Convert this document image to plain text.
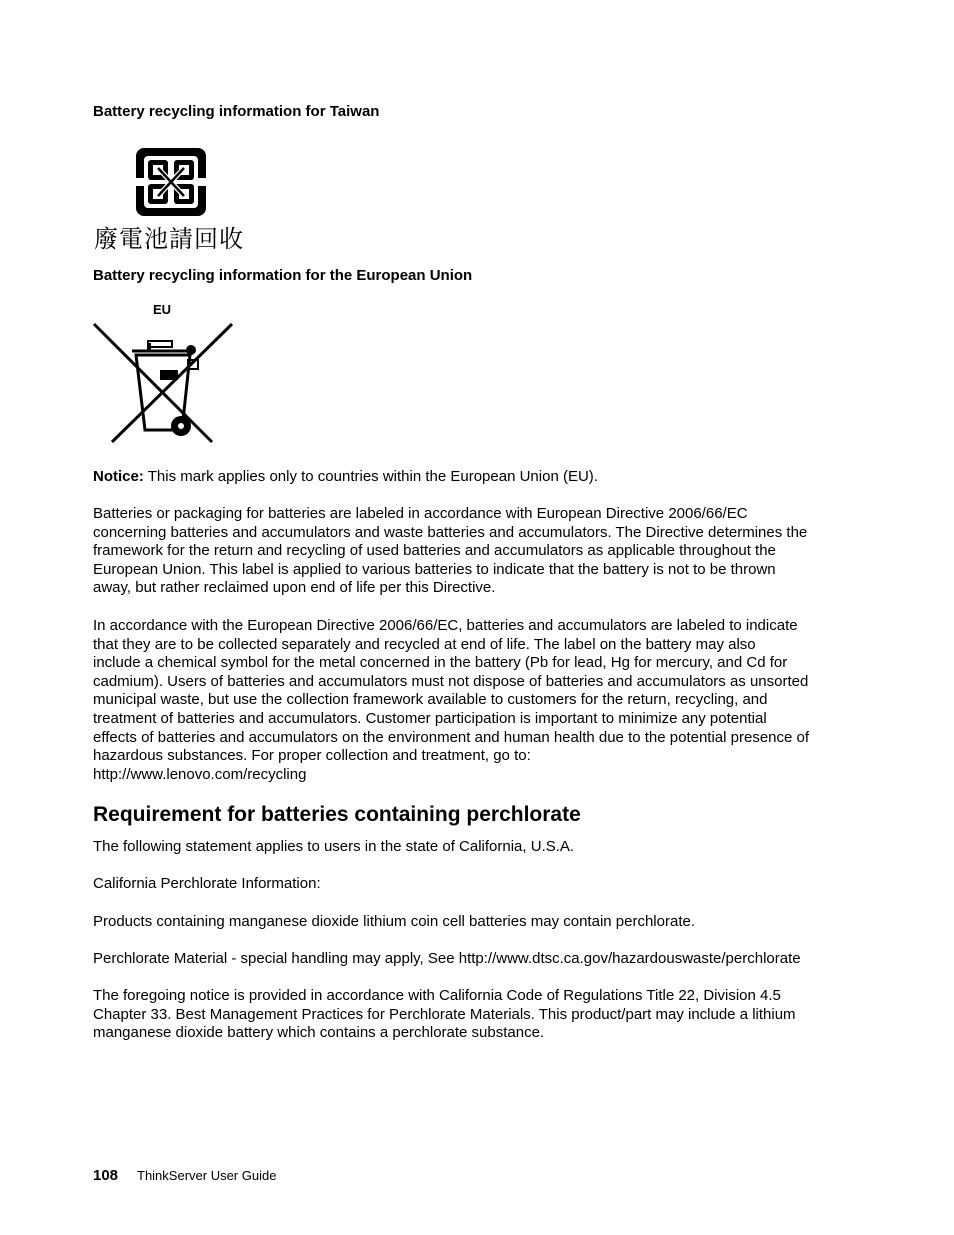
Battery recycling information for Taiwan
廢電池請回收
Battery recycling information for the European Union
EU
Notice: This mark applies only to countries within the European Union (EU).
Batteries or packaging for batteries are labeled in accordance with European Directive 2006/66/EC
concerning batteries and accumulators and waste batteries and accumulators. The Directive determines the
framework for the return and recycling of used batteries and accumulators as applicable throughout the
European Union. This label is applied to various batteries to indicate that the battery is not to be thrown
away, but rather reclaimed upon end of life per this Directive.
In accordance with the European Directive 2006/66/EC, batteries and accumulators are labeled to indicate
that they are to be collected separately and recycled at end of life. The label on the battery may also
include a chemical symbol for the metal concerned in the battery (Pb for lead, Hg for mercury, and Cd for
cadmium). Users of batteries and accumulators must not dispose of batteries and accumulators as unsorted
municipal waste, but use the collection framework available to customers for the return, recycling, and
treatment of batteries and accumulators. Customer participation is important to minimize any potential
effects of batteries and accumulators on the environment and human health due to the potential presence of
hazardous substances. For proper collection and treatment, go to:
http://www.lenovo.com/recycling
Requirement for batteries containing perchlorate
The following statement applies to users in the state of California, U.S.A.
California Perchlorate Information:
Products containing manganese dioxide lithium coin cell batteries may contain perchlorate.
Perchlorate Material - special handling may apply, See http://www.dtsc.ca.gov/hazardouswaste/perchlorate
The foregoing notice is provided in accordance with California Code of Regulations Title 22, Division 4.5
Chapter 33. Best Management Practices for Perchlorate Materials. This product/part may include a lithium
manganese dioxide battery which contains a perchlorate substance.
108 ThinkServer User Guide
